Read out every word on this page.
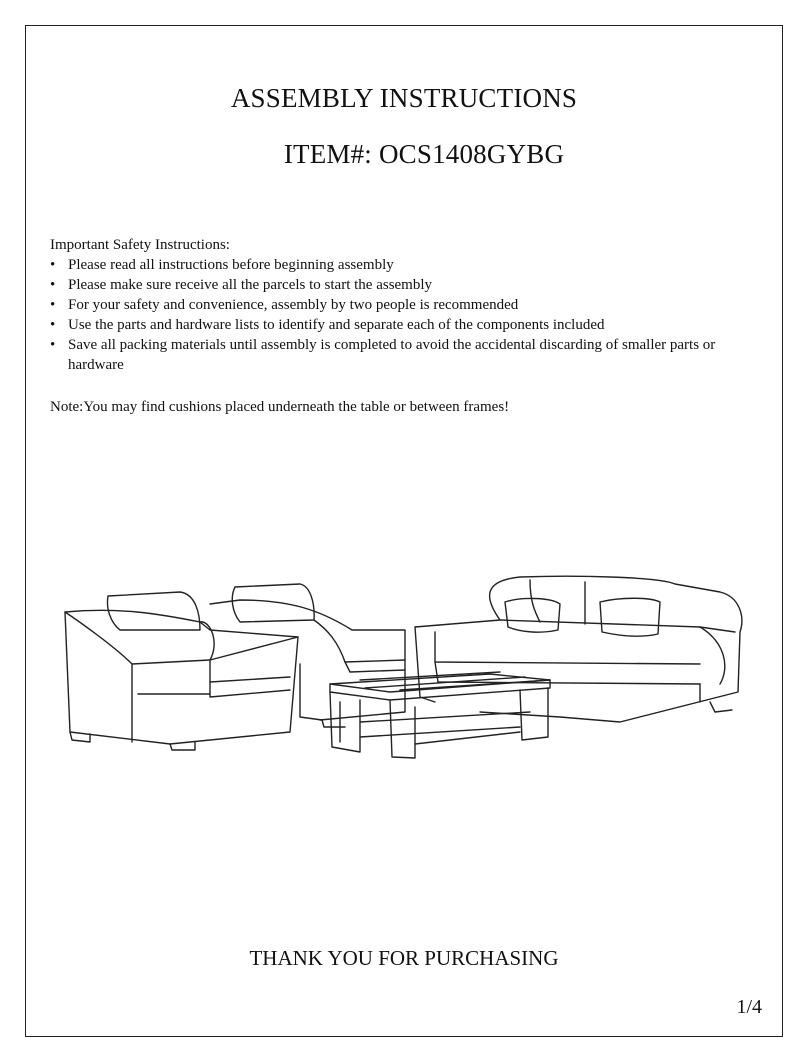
ASSEMBLY INSTRUCTIONS
ITEM#: OCS1408GYBG
Important Safety Instructions:
• Please read all instructions before beginning assembly
• Please make sure receive all the parcels to start the assembly
• For your safety and convenience, assembly by two people is recommended
• Use the parts and hardware lists to identify and separate each of the components included
• Save all packing materials until assembly is completed to avoid the accidental discarding of smaller parts or hardware
Note:You may find cushions placed underneath the table or between frames!
THANK YOU FOR PURCHASING
1/4
